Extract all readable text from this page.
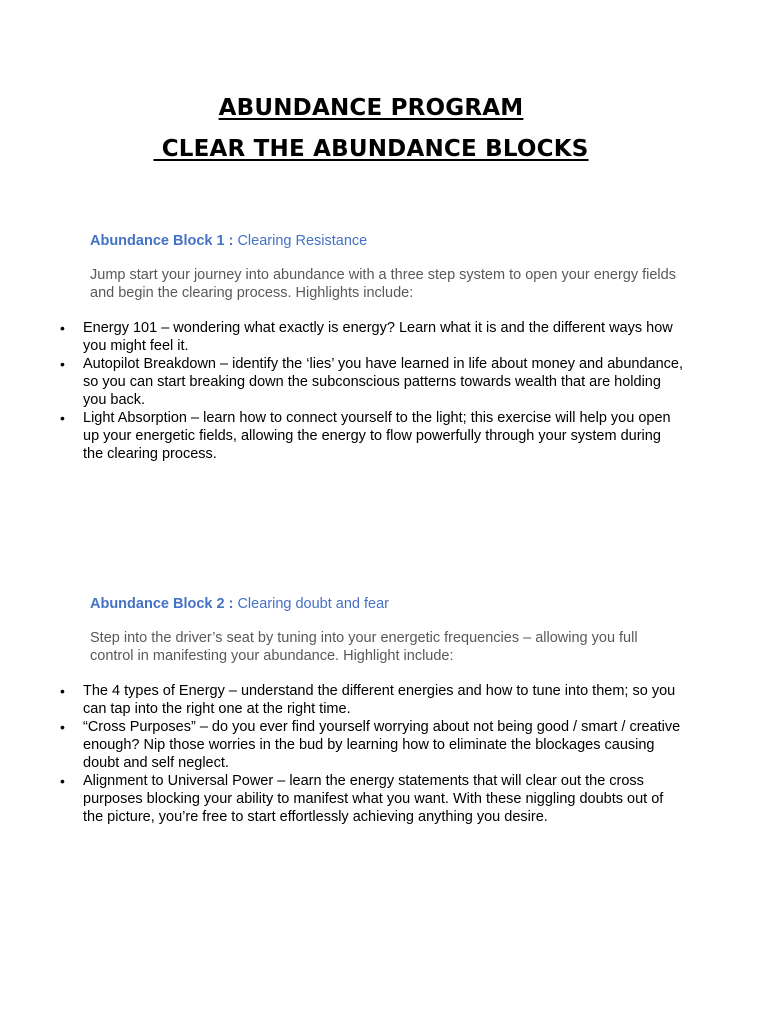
ABUNDANCE PROGRAM
CLEAR THE ABUNDANCE BLOCKS
Abundance Block 1 : Clearing Resistance
Jump start your journey into abundance with a three step system to open your energy fields and begin the clearing process. Highlights include:
• Energy 101 – wondering what exactly is energy? Learn what it is and the different ways how you might feel it.
• Autopilot Breakdown – identify the ‘lies’ you have learned in life about money and abundance, so you can start breaking down the subconscious patterns towards wealth that are holding you back.
• Light Absorption – learn how to connect yourself to the light; this exercise will help you open up your energetic fields, allowing the energy to flow powerfully through your system during the clearing process.
Abundance Block 2 : Clearing doubt and fear
Step into the driver’s seat by tuning into your energetic frequencies – allowing you full control in manifesting your abundance. Highlight include:
• The 4 types of Energy – understand the different energies and how to tune into them; so you can tap into the right one at the right time.
• “Cross Purposes” – do you ever find yourself worrying about not being good / smart / creative enough? Nip those worries in the bud by learning how to eliminate the blockages causing doubt and self neglect.
• Alignment to Universal Power – learn the energy statements that will clear out the cross purposes blocking your ability to manifest what you want. With these niggling doubts out of the picture, you’re free to start effortlessly achieving anything you desire.
